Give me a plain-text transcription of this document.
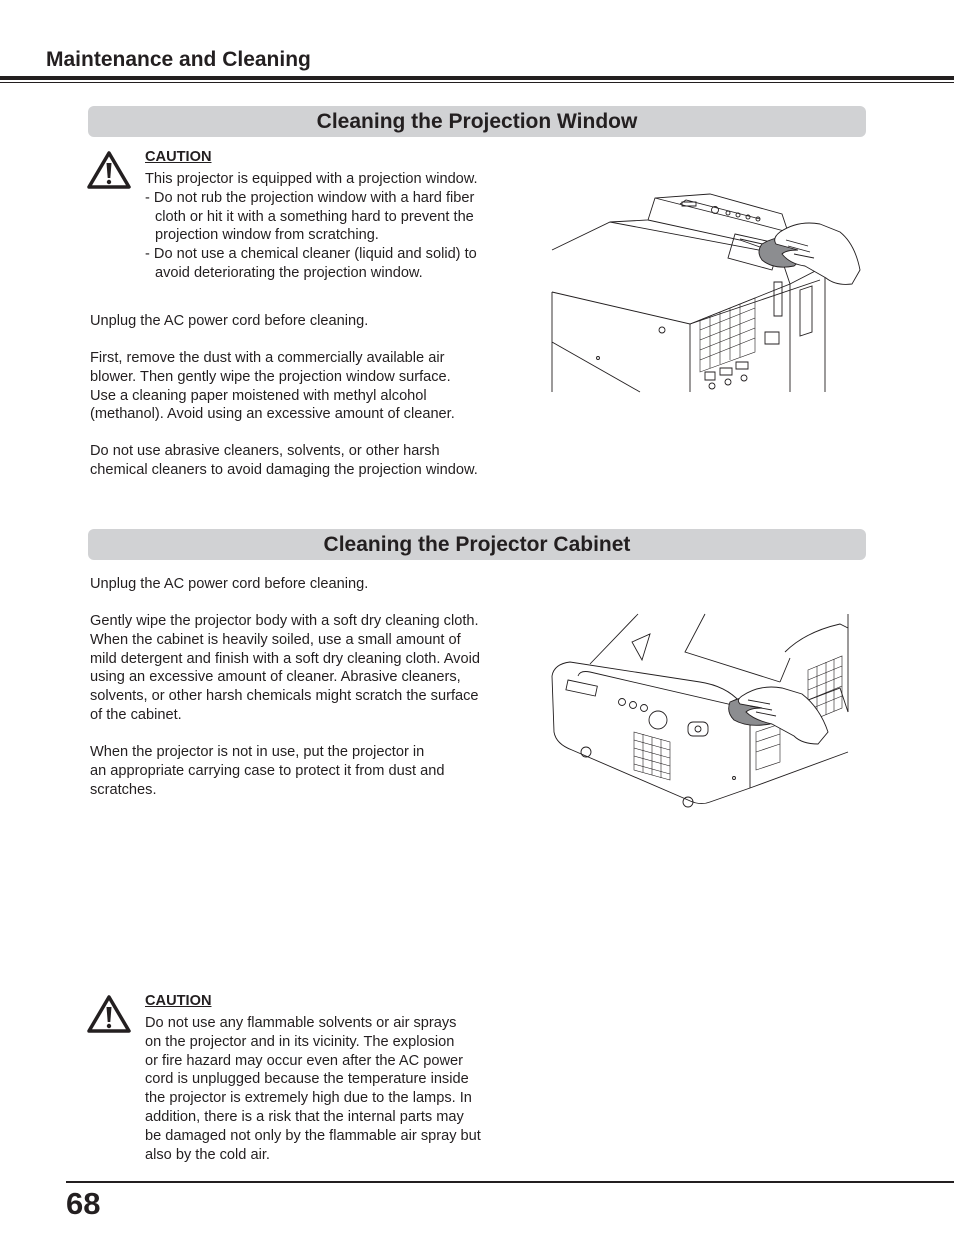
Maintenance and Cleaning
Cleaning the Projection Window
CAUTION
This projector is equipped with a projection window.
- Do not rub the projection window with a hard fiber
cloth or hit it with a something hard to prevent the
projection window from scratching.
- Do not use a chemical cleaner (liquid and solid) to
avoid deteriorating the projection window.

Unplug the AC power cord before cleaning.

First, remove the dust with a commercially available air
blower. Then gently wipe the projection window surface.
Use a cleaning paper moistened with methyl alcohol
(methanol). Avoid using an excessive amount of cleaner.

Do not use abrasive cleaners, solvents, or other harsh
chemical cleaners to avoid damaging the projection window.

Cleaning the Projector Cabinet

Unplug the AC power cord before cleaning.

Gently wipe the projector body with a soft dry cleaning cloth.
When the cabinet is heavily soiled, use a small amount of
mild detergent and finish with a soft dry cleaning cloth. Avoid
using an excessive amount of cleaner. Abrasive cleaners,
solvents, or other harsh chemicals might scratch the surface
of the cabinet.

When the projector is not in use, put the projector in
an appropriate carrying case to protect it from dust and
scratches.

CAUTION
Do not use any flammable solvents or air sprays
on the projector and in its vicinity. The explosion
or fire hazard may occur even after the AC power
cord is unplugged because the temperature inside
the projector is extremely high due to the lamps. In
addition, there is a risk that the internal parts may
be damaged not only by the flammable air spray but
also by the cold air.
68
